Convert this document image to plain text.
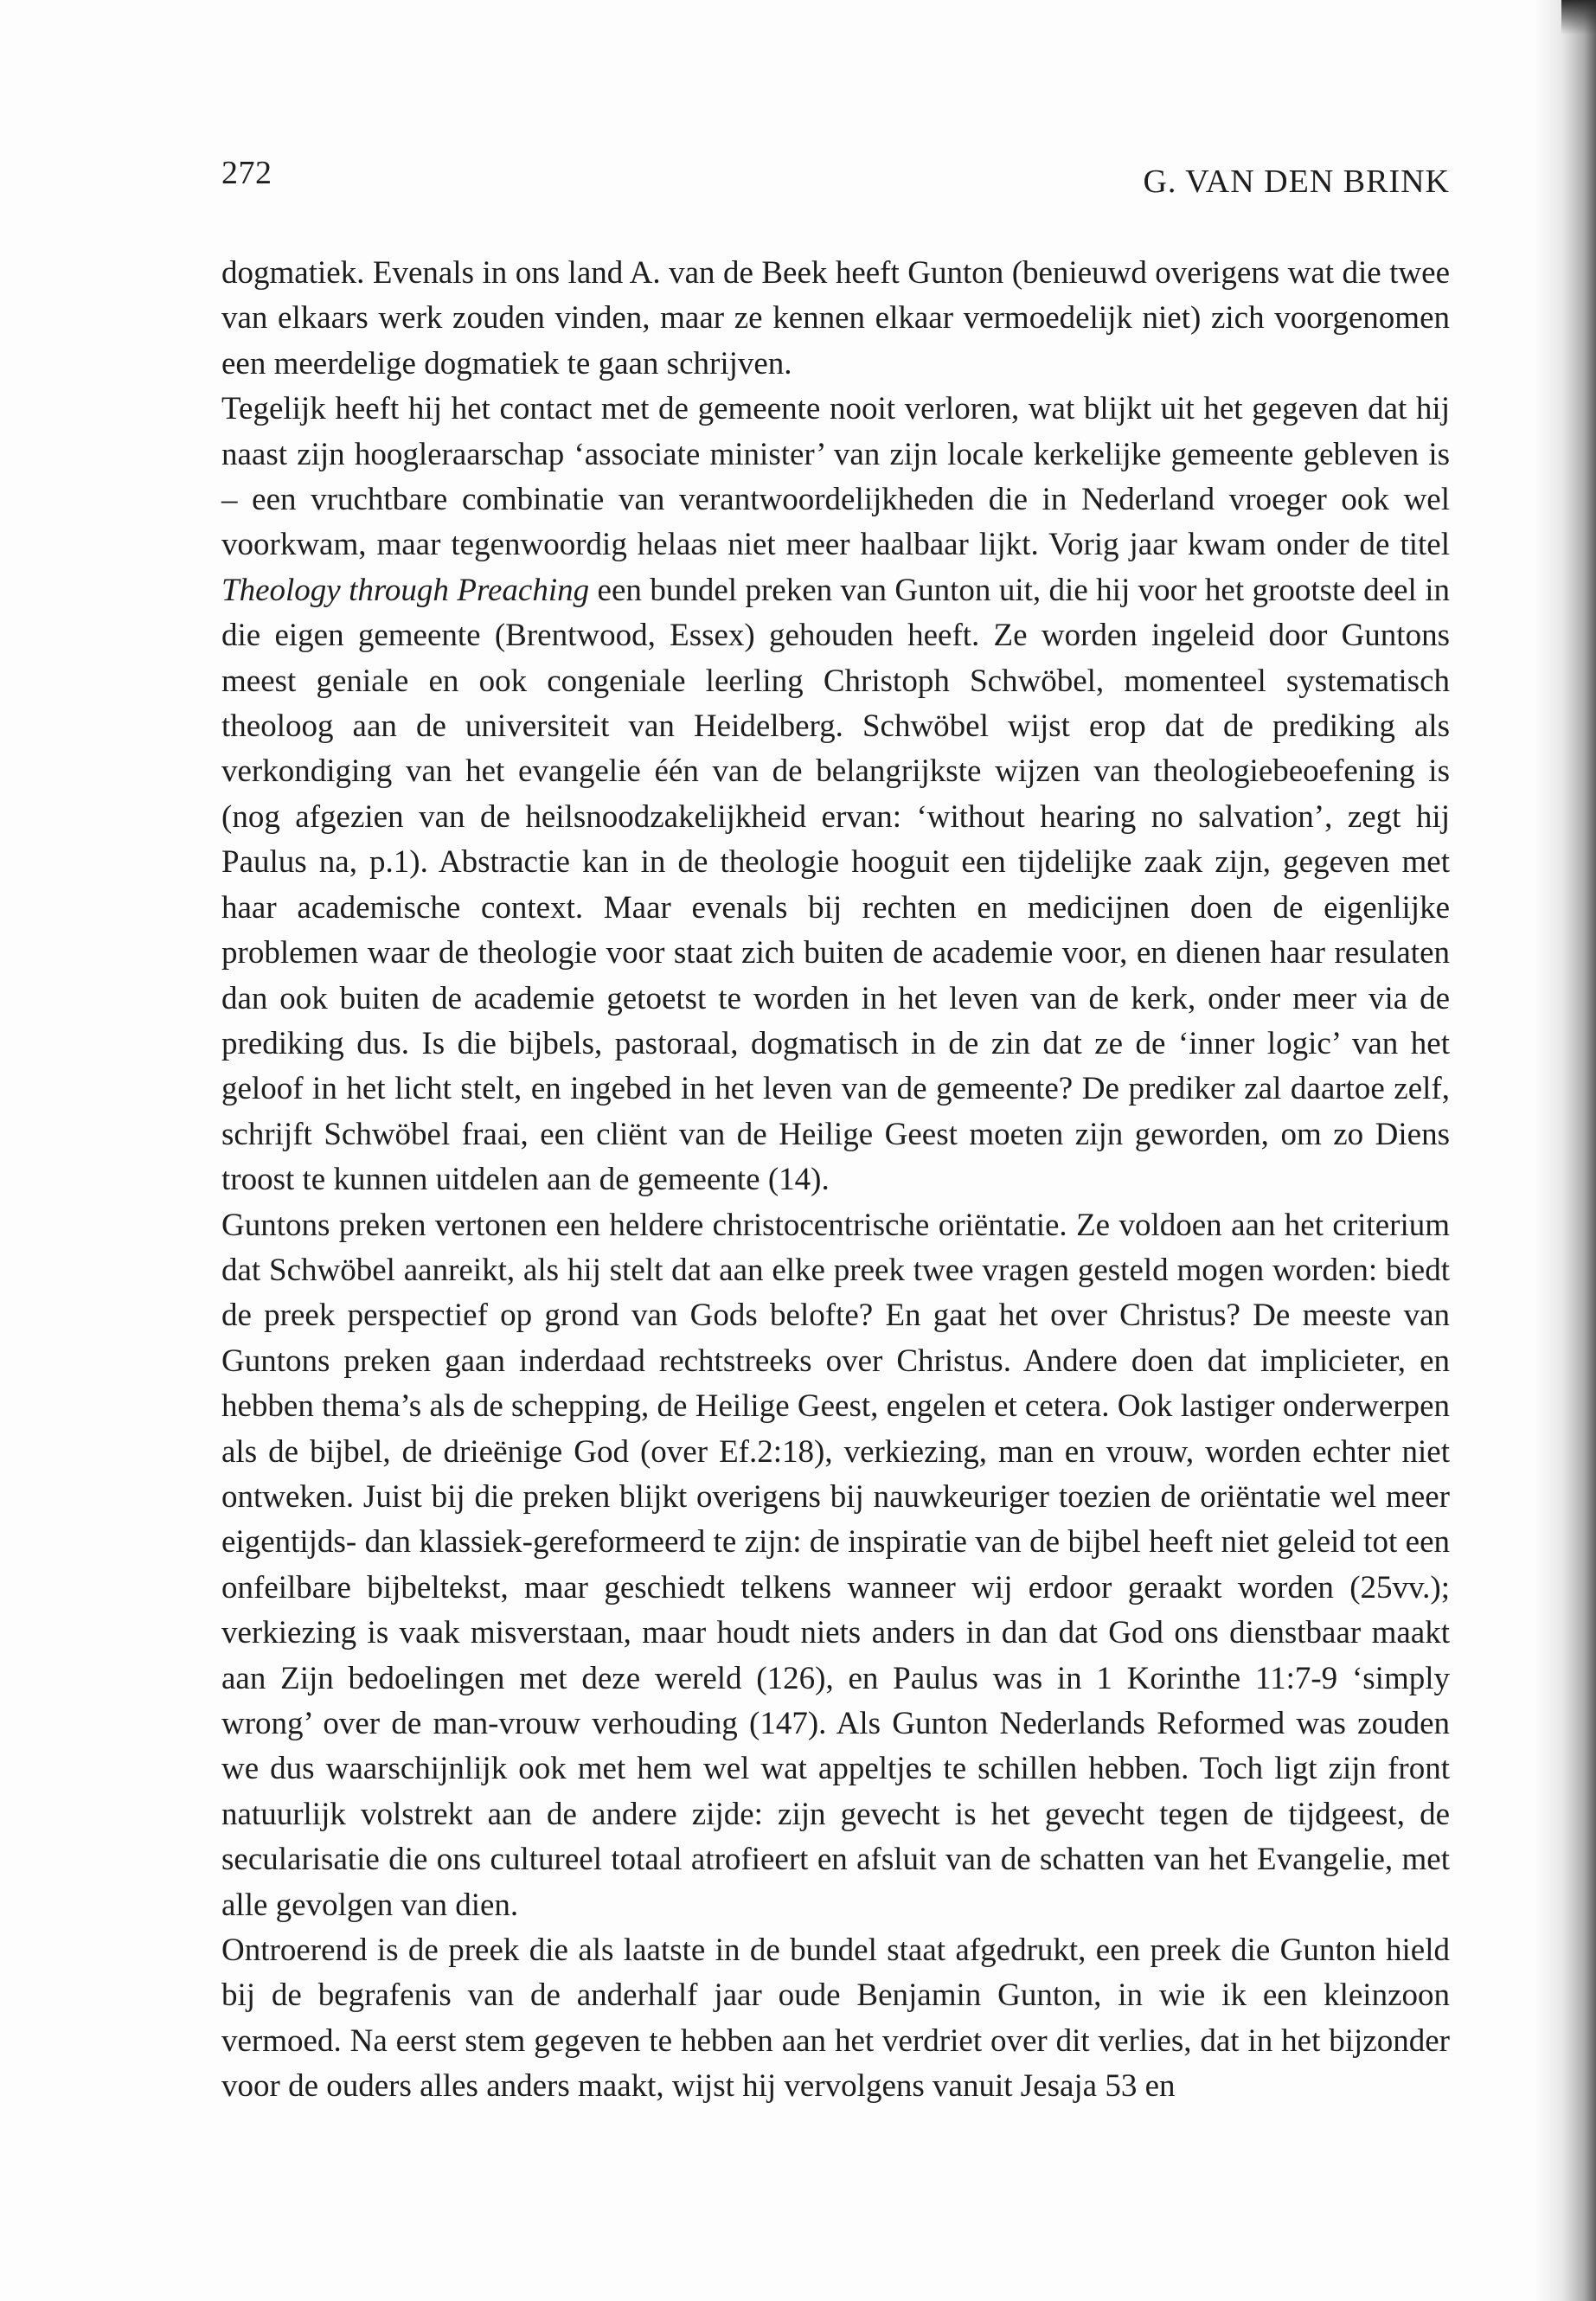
272	G. VAN DEN BRINK

dogmatiek. Evenals in ons land A. van de Beek heeft Gunton (benieuwd overigens wat die twee van elkaars werk zouden vinden, maar ze kennen elkaar vermoedelijk niet) zich voorgenomen een meerdelige dogmatiek te gaan schrijven.

Tegelijk heeft hij het contact met de gemeente nooit verloren, wat blijkt uit het gegeven dat hij naast zijn hoogleraarschap ‘associate minister’ van zijn locale kerkelijke gemeente gebleven is – een vruchtbare combinatie van verantwoordelijkheden die in Nederland vroeger ook wel voorkwam, maar tegenwoordig helaas niet meer haalbaar lijkt. Vorig jaar kwam onder de titel Theology through Preaching een bundel preken van Gunton uit, die hij voor het grootste deel in die eigen gemeente (Brentwood, Essex) gehouden heeft. Ze worden ingeleid door Guntons meest geniale en ook congeniale leerling Christoph Schwöbel, momenteel systematisch theoloog aan de universiteit van Heidelberg. Schwöbel wijst erop dat de prediking als verkondiging van het evangelie één van de belangrijkste wijzen van theologiebeoefening is (nog afgezien van de heilsnoodzakelijkheid ervan: ‘without hearing no salvation’, zegt hij Paulus na, p.1). Abstractie kan in de theologie hooguit een tijdelijke zaak zijn, gegeven met haar academische context. Maar evenals bij rechten en medicijnen doen de eigenlijke problemen waar de theologie voor staat zich buiten de academie voor, en dienen haar resulaten dan ook buiten de academie getoetst te worden in het leven van de kerk, onder meer via de prediking dus. Is die bijbels, pastoraal, dogmatisch in de zin dat ze de ‘inner logic’ van het geloof in het licht stelt, en ingebed in het leven van de gemeente? De prediker zal daartoe zelf, schrijft Schwöbel fraai, een cliënt van de Heilige Geest moeten zijn geworden, om zo Diens troost te kunnen uitdelen aan de gemeente (14).

Guntons preken vertonen een heldere christocentrische oriëntatie. Ze voldoen aan het criterium dat Schwöbel aanreikt, als hij stelt dat aan elke preek twee vragen gesteld mogen worden: biedt de preek perspectief op grond van Gods belofte? En gaat het over Christus? De meeste van Guntons preken gaan inderdaad rechtstreeks over Christus. Andere doen dat implicieter, en hebben thema’s als de schepping, de Heilige Geest, engelen et cetera. Ook lastiger onderwerpen als de bijbel, de drieënige God (over Ef.2:18), verkiezing, man en vrouw, worden echter niet ontweken. Juist bij die preken blijkt overigens bij nauwkeuriger toezien de oriëntatie wel meer eigentijds- dan klassiek-gereformeerd te zijn: de inspiratie van de bijbel heeft niet geleid tot een onfeilbare bijbeltekst, maar geschiedt telkens wanneer wij erdoor geraakt worden (25vv.); verkiezing is vaak misverstaan, maar houdt niets anders in dan dat God ons dienstbaar maakt aan Zijn bedoelingen met deze wereld (126), en Paulus was in 1 Korinthe 11:7-9 ‘simply wrong’ over de man-vrouw verhouding (147). Als Gunton Nederlands Reformed was zouden we dus waarschijnlijk ook met hem wel wat appeltjes te schillen hebben. Toch ligt zijn front natuurlijk volstrekt aan de andere zijde: zijn gevecht is het gevecht tegen de tijdgeest, de secularisatie die ons cultureel totaal atrofieert en afsluit van de schatten van het Evangelie, met alle gevolgen van dien.

Ontroerend is de preek die als laatste in de bundel staat afgedrukt, een preek die Gunton hield bij de begrafenis van de anderhalf jaar oude Benjamin Gunton, in wie ik een kleinzoon vermoed. Na eerst stem gegeven te hebben aan het verdriet over dit verlies, dat in het bijzonder voor de ouders alles anders maakt, wijst hij vervolgens vanuit Jesaja 53 en
